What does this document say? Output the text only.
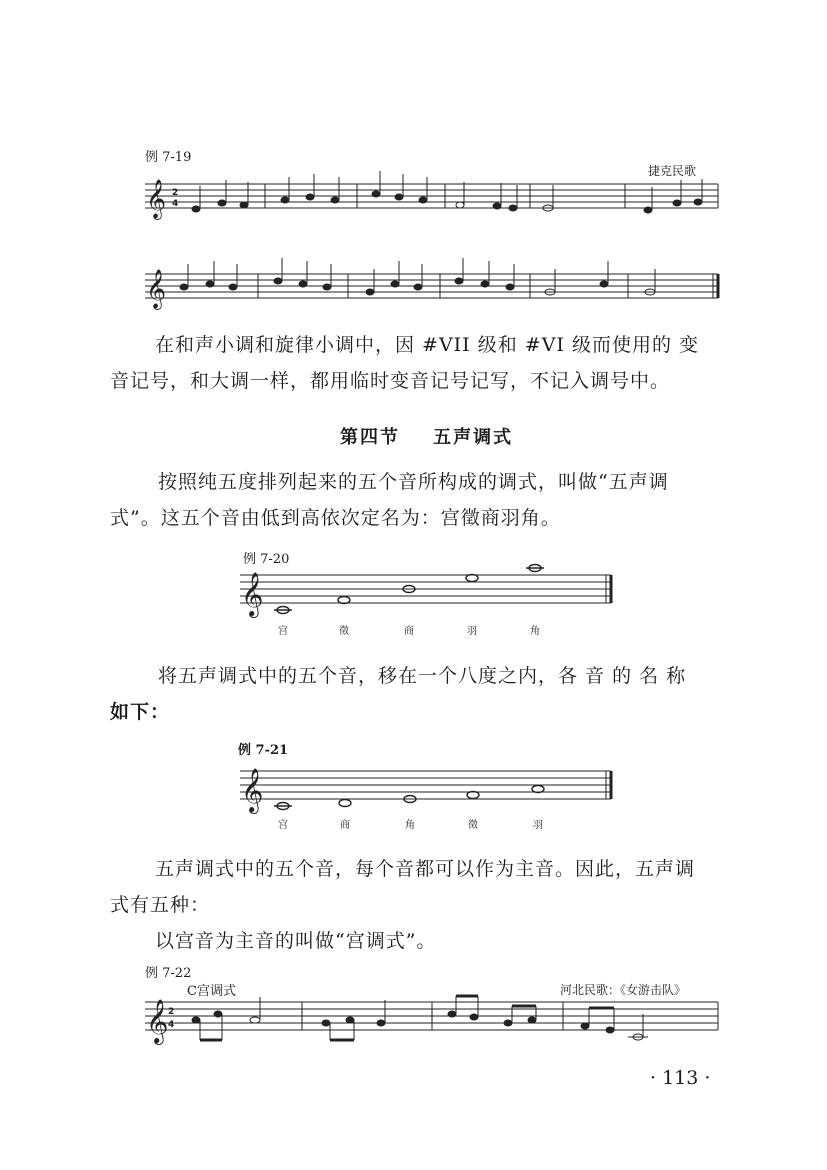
例 7-19
捷克民歌
𝄞
𝄞
𝄞
𝄞
𝄞
2
4
2
4
在和声小调和旋律小调中，因 #VII 级和 #VI 级而使用的 变
音记号，和大调一样，都用临时变音记号记写，不记入调号中。
第四节    五声调式
按照纯五度排列起来的五个音所构成的调式，叫做“五声调
式”。这五个音由低到高依次定名为：宫徵商羽角。
例 7-20
宫	徵	商	羽	角
将五声调式中的五个音，移在一个八度之内，各 音 的 名 称
如下：
例 7-21
宫	商	角	徵	羽
五声调式中的五个音，每个音都可以作为主音。因此，五声调
式有五种：
以宫音为主音的叫做“宫调式”。
例 7-22
C宫调式	河北民歌：《女游击队》
· 113 ·
